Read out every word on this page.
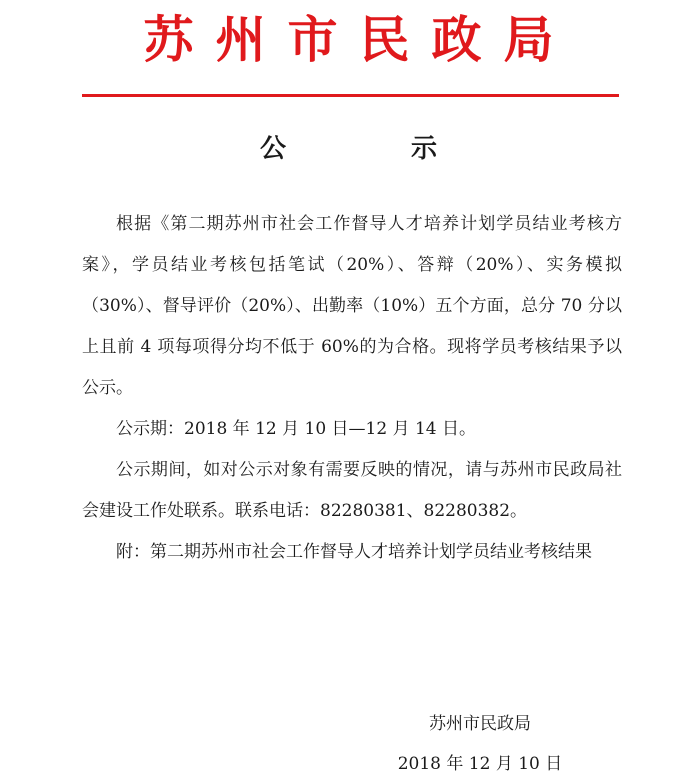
苏州市民政局
公 示

根据《第二期苏州市社会工作督导人才培养计划学员结业考核方案》，学员结业考核包括笔试（20%）、答辩（20%）、实务模拟（30%）、督导评价（20%）、出勤率（10%）五个方面，总分 70 分以上且前 4 项每项得分均不低于 60%的为合格。现将学员考核结果予以公示。

公示期：2018 年 12 月 10 日—12 月 14 日。

公示期间，如对公示对象有需要反映的情况，请与苏州市民政局社会建设工作处联系。联系电话：82280381、82280382。

附：第二期苏州市社会工作督导人才培养计划学员结业考核结果

苏州市民政局
2018 年 12 月 10 日
